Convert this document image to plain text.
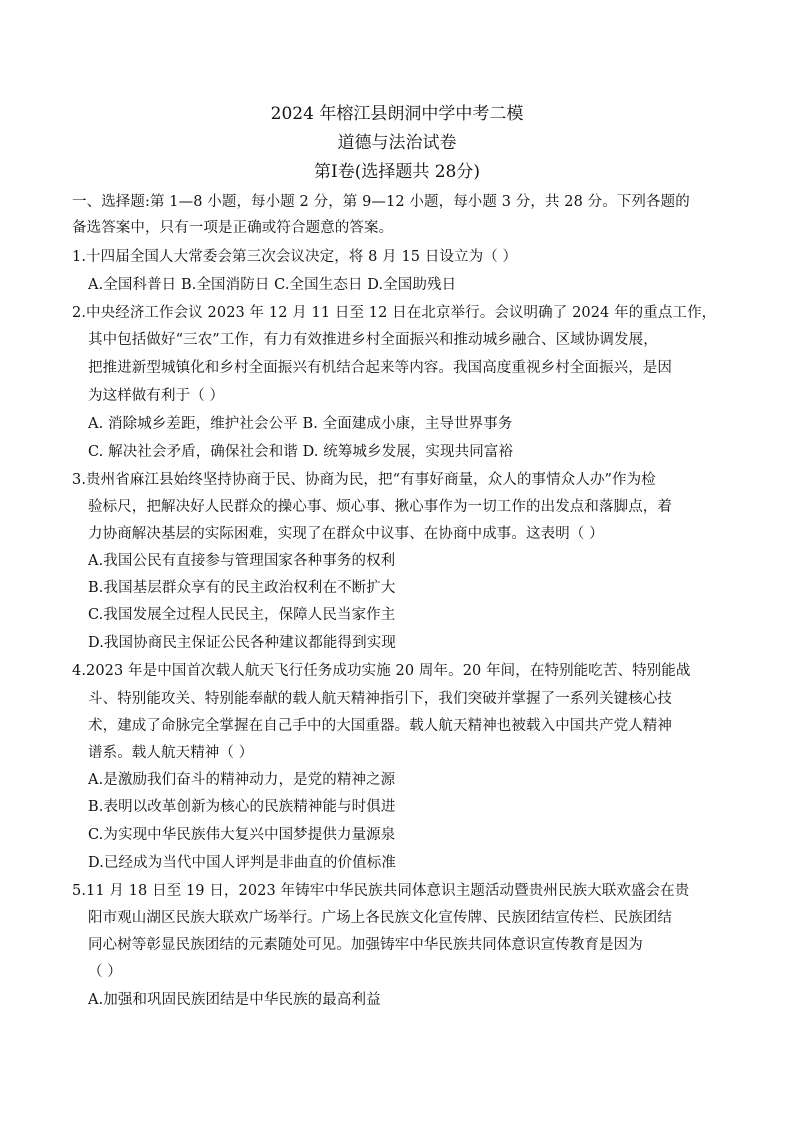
2024 年榕江县朗洞中学中考二模
道德与法治试卷
第Ⅰ卷(选择题共 28分)
一、选择题:第 1—8 小题，每小题 2 分，第 9—12 小题，每小题 3 分，共 28 分。下列各题的
备选答案中，只有一项是正确或符合题意的答案。
1.十四届全国人大常委会第三次会议决定，将 8 月 15 日设立为（ ）
A.全国科普日 B.全国消防日 C.全国生态日 D.全国助残日
2.中央经济工作会议 2023 年 12 月 11 日至 12 日在北京举行。会议明确了 2024 年的重点工作，
其中包括做好“三农”工作，有力有效推进乡村全面振兴和推动城乡融合、区域协调发展，
把推进新型城镇化和乡村全面振兴有机结合起来等内容。我国高度重视乡村全面振兴，是因
为这样做有利于（ ）
A. 消除城乡差距，维护社会公平 B. 全面建成小康，主导世界事务
C. 解决社会矛盾，确保社会和谐 D. 统筹城乡发展，实现共同富裕
3.贵州省麻江县始终坚持协商于民、协商为民，把“有事好商量，众人的事情众人办”作为检
验标尺，把解决好人民群众的操心事、烦心事、揪心事作为一切工作的出发点和落脚点，着
力协商解决基层的实际困难，实现了在群众中议事、在协商中成事。这表明（ ）
A.我国公民有直接参与管理国家各种事务的权利
B.我国基层群众享有的民主政治权利在不断扩大
C.我国发展全过程人民民主，保障人民当家作主
D.我国协商民主保证公民各种建议都能得到实现
4.2023 年是中国首次载人航天飞行任务成功实施 20 周年。20 年间，在特别能吃苦、特别能战
斗、特别能攻关、特别能奉献的载人航天精神指引下，我们突破并掌握了一系列关键核心技
术，建成了命脉完全掌握在自己手中的大国重器。载人航天精神也被载入中国共产党人精神
谱系。载人航天精神（ ）
A.是激励我们奋斗的精神动力，是党的精神之源
B.表明以改革创新为核心的民族精神能与时俱进
C.为实现中华民族伟大复兴中国梦提供力量源泉
D.已经成为当代中国人评判是非曲直的价值标准
5.11 月 18 日至 19 日，2023 年铸牢中华民族共同体意识主题活动暨贵州民族大联欢盛会在贵
阳市观山湖区民族大联欢广场举行。广场上各民族文化宣传牌、民族团结宣传栏、民族团结
同心树等彰显民族团结的元素随处可见。加强铸牢中华民族共同体意识宣传教育是因为
（ ）
A.加强和巩固民族团结是中华民族的最高利益
